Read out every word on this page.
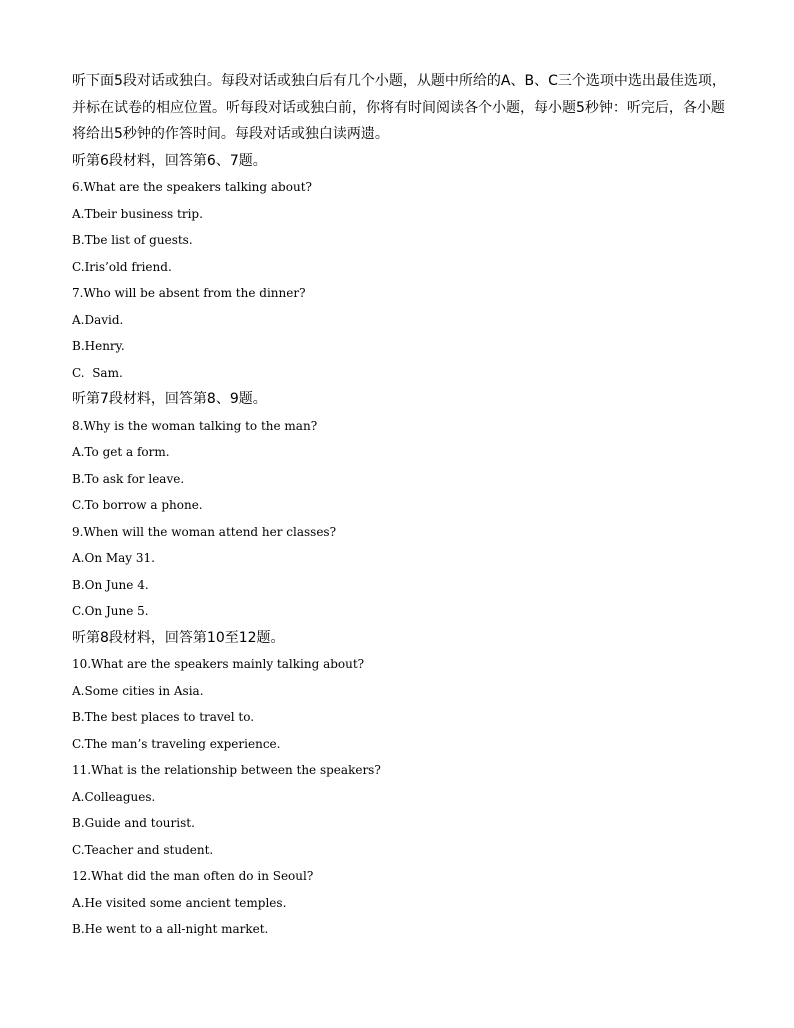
听下面5段对话或独白。每段对话或独白后有几个小题，从题中所给的A、B、C三个选项中选出最佳选项，并标在试卷的相应位置。听每段对话或独白前，你将有时间阅读各个小题，每小题5秒钟：听完后，各小题将给出5秒钟的作答时间。每段对话或独白读两遗。

听第6段材料，回答第6、7题。

6.What are the speakers talking about?

A.Tbeir business trip.

B.Tbe list of guests.

C.Iris’old friend.

7.Who will be absent from the dinner?

A.David.

B.Henry.

C.  Sam.

听第7段材料，回答第8、9题。

8.Why is the woman talking to the man?

A.To get a form.

B.To ask for leave.

C.To borrow a phone.

9.When will the woman attend her classes?

A.On May 31.

B.On June 4.

C.On June 5.

听第8段材料，回答第10至12题。

10.What are the speakers mainly talking about?

A.Some cities in Asia.

B.The best places to travel to.

C.The man’s traveling experience.

11.What is the relationship between the speakers?

A.Colleagues.

B.Guide and tourist.

C.Teacher and student.

12.What did the man often do in Seoul?

A.He visited some ancient temples.

B.He went to a all-night market.
